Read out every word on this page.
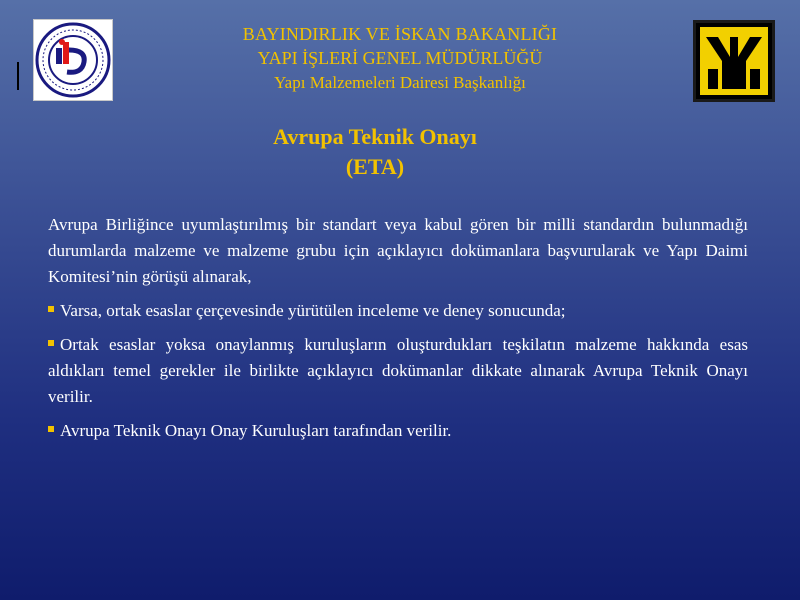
BAYINDIRLIK VE İSKAN BAKANLIĞI
YAPI İŞLERİ GENEL MÜDÜRLÜĞÜ
Yapı Malzemeleri Dairesi Başkanlığı
Avrupa Teknik Onayı
(ETA)

Avrupa Birliğince uyumlaştırılmış bir standart veya kabul gören bir milli standardın bulunmadığı durumlarda malzeme ve malzeme grubu için açıklayıcı dokümanlara başvurularak ve Yapı Daimi Komitesi’nin görüşü alınarak,

Varsa, ortak esaslar çerçevesinde yürütülen inceleme ve deney sonucunda;

Ortak esaslar yoksa onaylanmış kuruluşların oluşturdukları teşkilatın malzeme hakkında esas aldıkları temel gerekler ile birlikte açıklayıcı dokümanlar dikkate alınarak Avrupa Teknik Onayı verilir.

Avrupa Teknik Onayı Onay Kuruluşları tarafından verilir.
